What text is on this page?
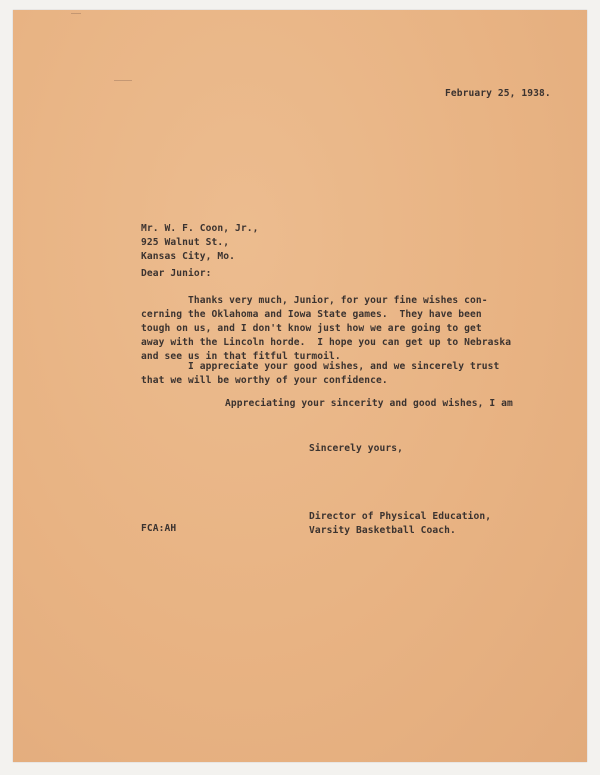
February 25, 1938.

Mr. W. F. Coon, Jr.,
925 Walnut St.,
Kansas City, Mo.

Dear Junior:

Thanks very much, Junior, for your fine wishes con-
cerning the Oklahoma and Iowa State games.  They have been
tough on us, and I don't know just how we are going to get
away with the Lincoln horde.  I hope you can get up to Nebraska
and see us in that fitful turmoil.
I appreciate your good wishes, and we sincerely trust
that we will be worthy of your confidence.

Appreciating your sincerity and good wishes, I am

Sincerely yours,

Director of Physical Education,
Varsity Basketball Coach.

FCA:AH
